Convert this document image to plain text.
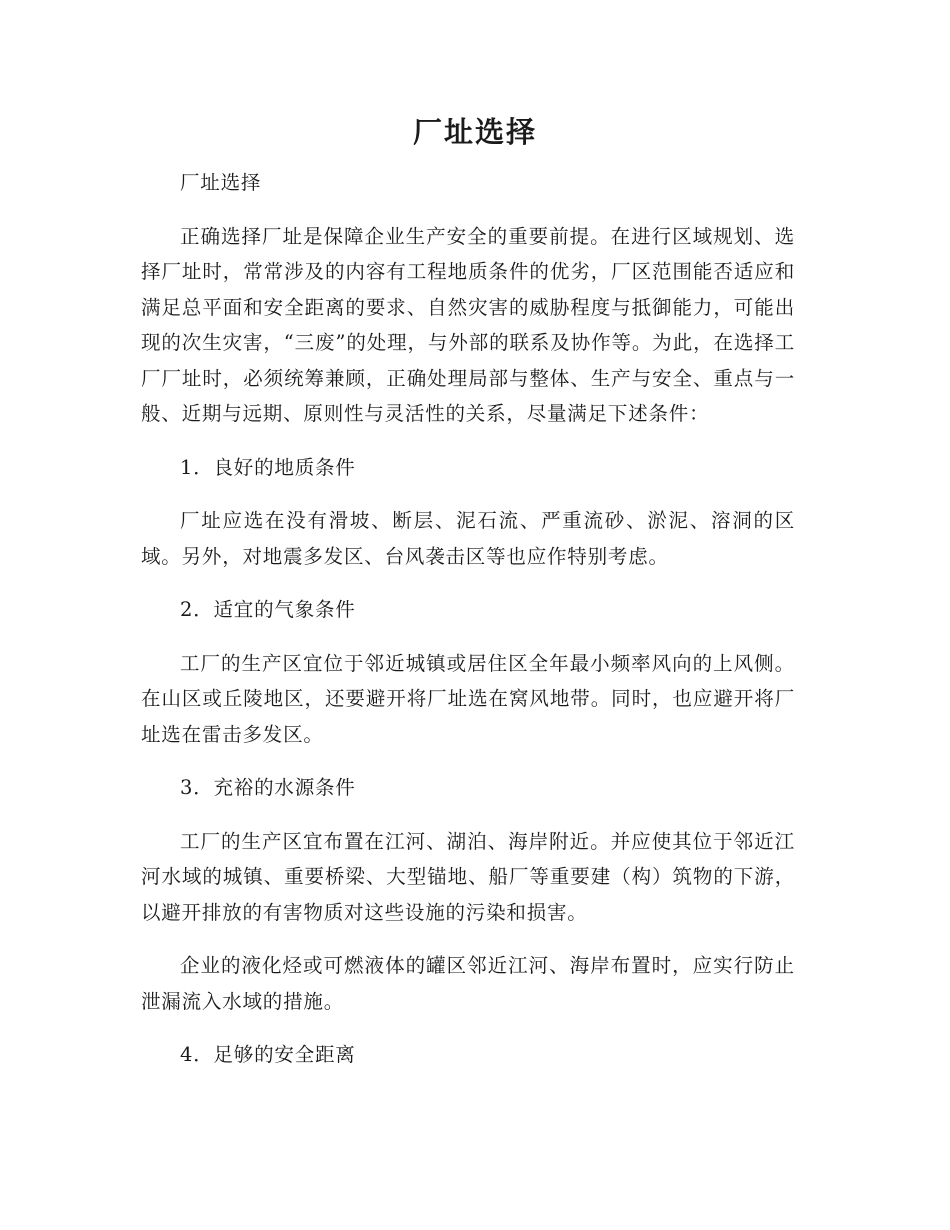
厂址选择

厂址选择

正确选择厂址是保障企业生产安全的重要前提。在进行区域规划、选择厂址时，常常涉及的内容有工程地质条件的优劣，厂区范围能否适应和满足总平面和安全距离的要求、自然灾害的威胁程度与抵御能力，可能出现的次生灾害，“三废”的处理，与外部的联系及协作等。为此，在选择工厂厂址时，必须统筹兼顾，正确处理局部与整体、生产与安全、重点与一般、近期与远期、原则性与灵活性的关系，尽量满足下述条件：

1．良好的地质条件

厂址应选在没有滑坡、断层、泥石流、严重流砂、淤泥、溶洞的区域。另外，对地震多发区、台风袭击区等也应作特别考虑。

2．适宜的气象条件

工厂的生产区宜位于邻近城镇或居住区全年最小频率风向的上风侧。在山区或丘陵地区，还要避开将厂址选在窝风地带。同时，也应避开将厂址选在雷击多发区。

3．充裕的水源条件

工厂的生产区宜布置在江河、湖泊、海岸附近。并应使其位于邻近江河水域的城镇、重要桥梁、大型锚地、船厂等重要建（构）筑物的下游，以避开排放的有害物质对这些设施的污染和损害。

企业的液化烃或可燃液体的罐区邻近江河、海岸布置时，应实行防止泄漏流入水域的措施。

4．足够的安全距离
